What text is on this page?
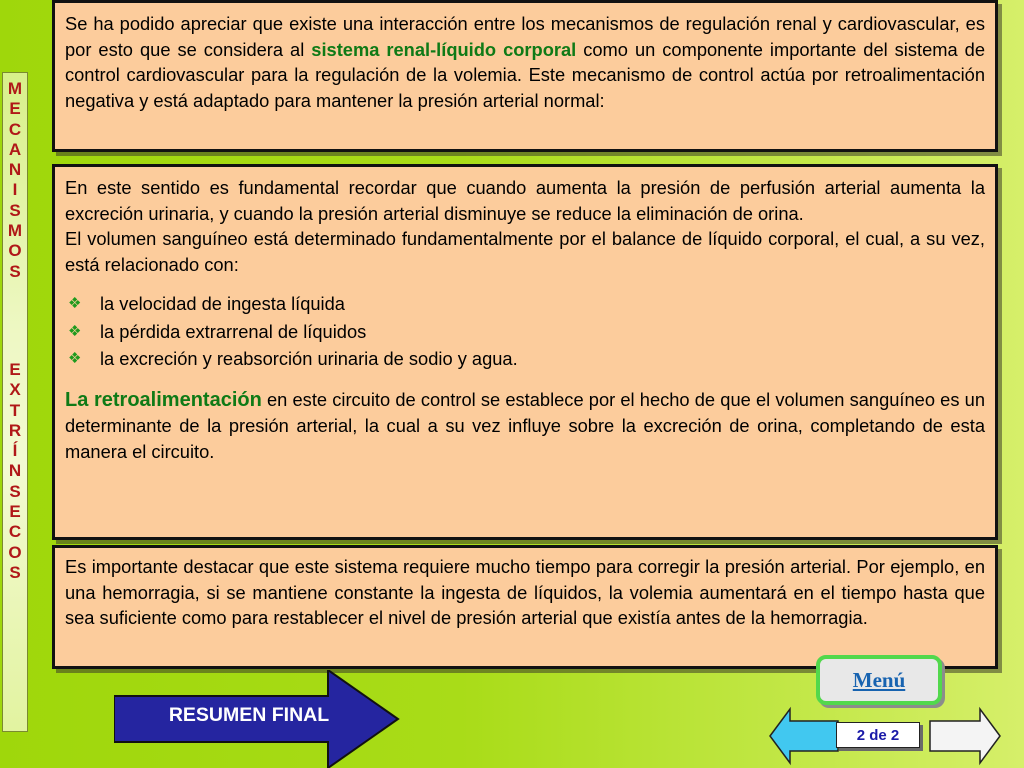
M
E
C
A
N
I
S
M
O
S
E
X
T
R
Í
N
S
E
C
O
S

Se ha podido apreciar que existe una interacción entre los mecanismos de regulación renal y cardiovascular, es por esto que se considera al sistema renal-líquido corporal como un componente importante del sistema de control cardiovascular para la regulación de la volemia. Este mecanismo de control actúa por retroalimentación negativa y está adaptado para mantener la presión arterial normal:

En este sentido es fundamental recordar que cuando aumenta la presión de perfusión arterial aumenta la excreción urinaria, y cuando la presión arterial disminuye se reduce la eliminación de orina.

El volumen sanguíneo está determinado fundamentalmente por el balance de líquido corporal, el cual, a su vez, está relacionado con:

❖	la velocidad de ingesta líquida
❖	la pérdida extrarrenal de líquidos
❖	la excreción y reabsorción urinaria de sodio y agua.

La retroalimentación en este circuito de control se establece por el hecho de que el volumen sanguíneo es un determinante de la presión arterial, la cual a su vez influye sobre la excreción de orina, completando de esta manera el circuito.

Es importante destacar que este sistema requiere mucho tiempo para corregir la presión arterial. Por ejemplo, en una hemorragia, si se mantiene constante la ingesta de líquidos, la volemia aumentará en el tiempo hasta que sea suficiente como para restablecer el nivel de presión arterial que existía antes de la hemorragia.

RESUMEN FINAL
Menú
2 de 2
